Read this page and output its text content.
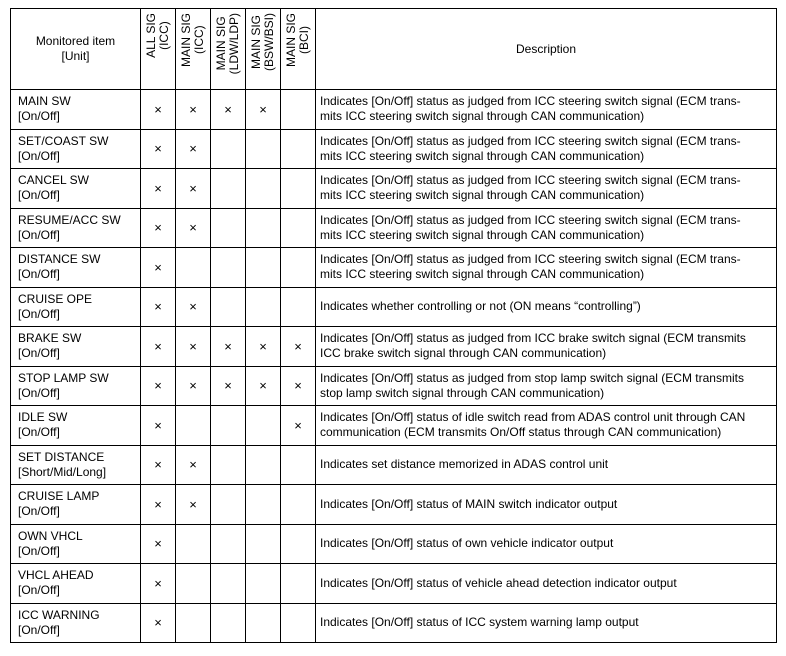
Monitored item
[Unit]	ALL SIG (ICC)	MAIN SIG (ICC)	MAIN SIG (LDW/LDP)	MAIN SIG (BSW/BSI)	MAIN SIG (BCI)	Description

MAIN SW
[On/Off]	×	×	×	×		Indicates [On/Off] status as judged from ICC steering switch signal (ECM trans-
mits ICC steering switch signal through CAN communication)

SET/COAST SW
[On/Off]	×	×				Indicates [On/Off] status as judged from ICC steering switch signal (ECM trans-
mits ICC steering switch signal through CAN communication)

CANCEL SW
[On/Off]	×	×				Indicates [On/Off] status as judged from ICC steering switch signal (ECM trans-
mits ICC steering switch signal through CAN communication)

RESUME/ACC SW
[On/Off]	×	×				Indicates [On/Off] status as judged from ICC steering switch signal (ECM trans-
mits ICC steering switch signal through CAN communication)

DISTANCE SW
[On/Off]	×					Indicates [On/Off] status as judged from ICC steering switch signal (ECM trans-
mits ICC steering switch signal through CAN communication)

CRUISE OPE
[On/Off]	×	×				Indicates whether controlling or not (ON means “controlling”)

BRAKE SW
[On/Off]	×	×	×	×	×	Indicates [On/Off] status as judged from ICC brake switch signal (ECM transmits
ICC brake switch signal through CAN communication)

STOP LAMP SW
[On/Off]	×	×	×	×	×	Indicates [On/Off] status as judged from stop lamp switch signal (ECM transmits
stop lamp switch signal through CAN communication)

IDLE SW
[On/Off]	×				×	Indicates [On/Off] status of idle switch read from ADAS control unit through CAN
communication (ECM transmits On/Off status through CAN communication)

SET DISTANCE
[Short/Mid/Long]	×	×				Indicates set distance memorized in ADAS control unit

CRUISE LAMP
[On/Off]	×	×				Indicates [On/Off] status of MAIN switch indicator output

OWN VHCL
[On/Off]	×					Indicates [On/Off] status of own vehicle indicator output

VHCL AHEAD
[On/Off]	×					Indicates [On/Off] status of vehicle ahead detection indicator output

ICC WARNING
[On/Off]	×					Indicates [On/Off] status of ICC system warning lamp output
